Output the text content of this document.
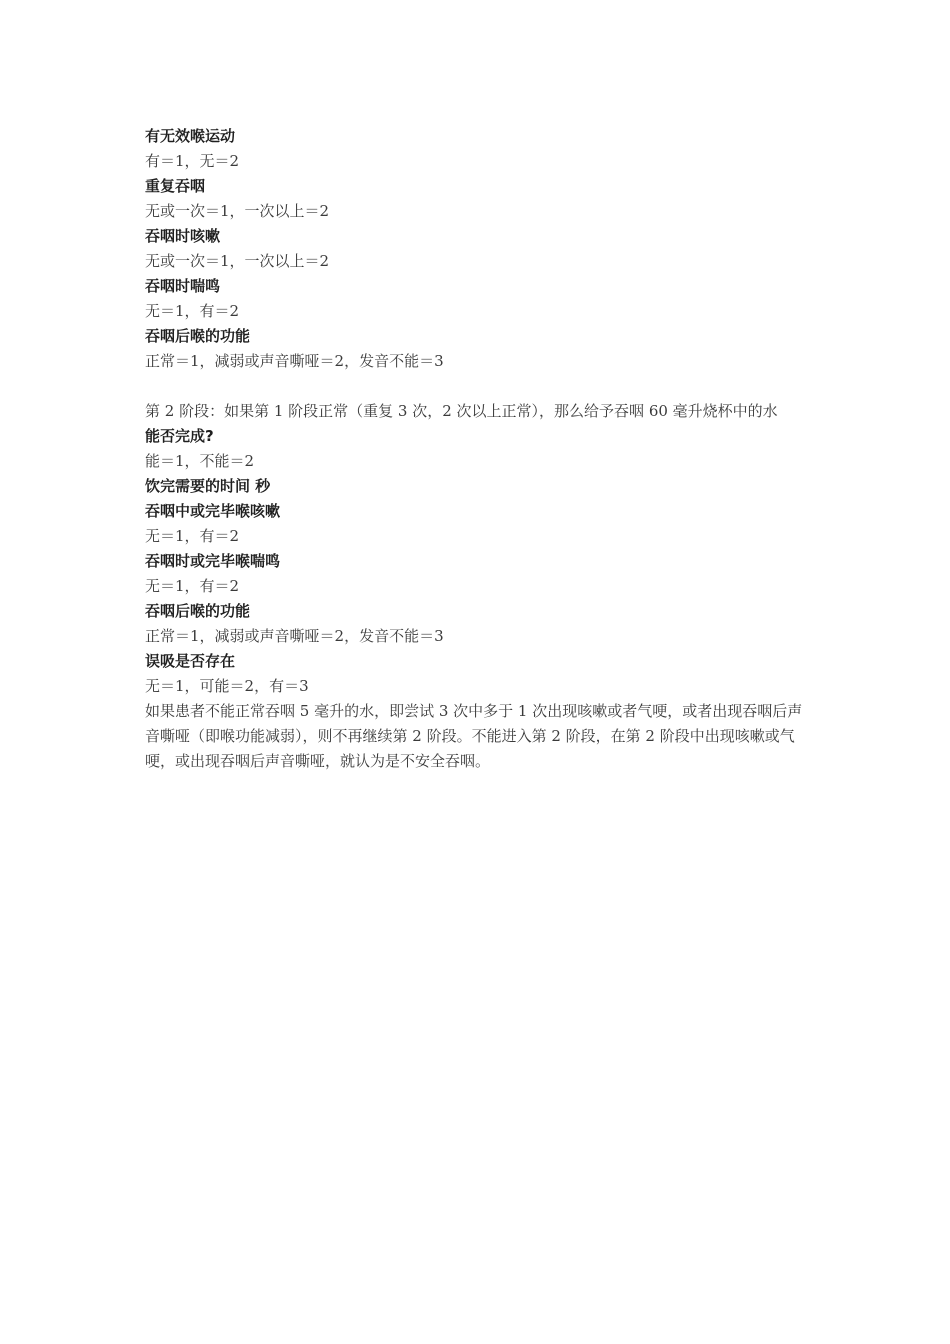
有无效喉运动
有＝1，无＝2
重复吞咽
无或一次＝1，一次以上＝2
吞咽时咳嗽
无或一次＝1，一次以上＝2
吞咽时喘鸣
无＝1，有＝2
吞咽后喉的功能
正常＝1，减弱或声音嘶哑＝2，发音不能＝3
第 2 阶段：如果第 1 阶段正常（重复 3 次，2 次以上正常），那么给予吞咽 60 毫升烧杯中的水
能否完成?
能＝1，不能＝2
饮完需要的时间 秒
吞咽中或完毕喉咳嗽
无＝1，有＝2
吞咽时或完毕喉喘鸣
无＝1，有＝2
吞咽后喉的功能
正常＝1，减弱或声音嘶哑＝2，发音不能＝3
误吸是否存在
无＝1，可能＝2，有＝3
如果患者不能正常吞咽 5 毫升的水，即尝试 3 次中多于 1 次出现咳嗽或者气哽，或者出现吞咽后声音嘶哑（即喉功能减弱），则不再继续第 2 阶段。不能进入第 2 阶段，在第 2 阶段中出现咳嗽或气哽，或出现吞咽后声音嘶哑，就认为是不安全吞咽。
